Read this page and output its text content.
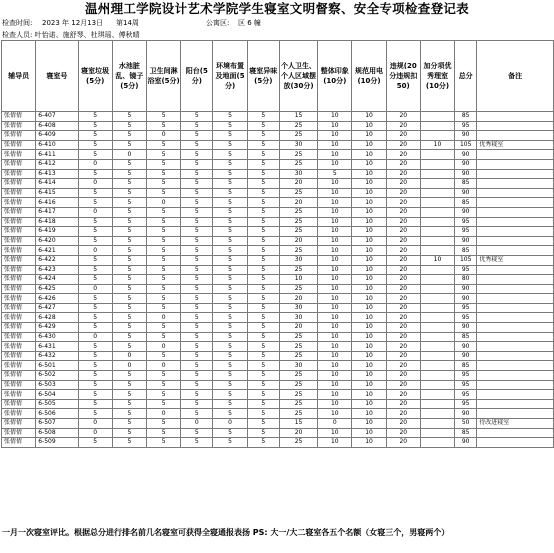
温州理工学院设计艺术学院学生寝室文明督察、安全专项检查登记表
检查时间: 2023 年 12月13日 第14周	公寓区: 区 6 幢
检查人员: 叶怡诺、施舒琴、杜琪瑶、傅秋晴
辅导员	寝室号	寝室垃圾(5分)	水池脏乱、镜子(5分)	卫生间淋浴室(5分)	阳台(5分)	环境布置及地面(5分)	寝室异味(5分)	个人卫生、个人区域摆放(30分)	整体印象(10分)	规范用电(10分)	违规(20分违规扣50)	加分项优秀理室(10分)	总分	备注
张倩倩	6-407	5	5	5	5	5	5	15	10	10	20		85	
张倩倩	6-408	5	5	5	5	5	5	25	10	10	20		95	
张倩倩	6-409	5	5	0	5	5	5	25	10	10	20		90	
张倩倩	6-410	5	5	5	5	5	5	30	10	10	20	10	105	优秀寝室
张倩倩	6-411	5	0	5	5	5	5	25	10	10	20		90	
张倩倩	6-412	0	5	5	5	5	5	25	10	10	20		90	
张倩倩	6-413	5	5	5	5	5	5	30	5	10	20		90	
张倩倩	6-414	0	5	5	5	5	5	20	10	10	20		85	
张倩倩	6-415	5	5	5	5	5	5	25	10	10	20		90	
张倩倩	6-416	5	5	0	5	5	5	20	10	10	20		85	
张倩倩	6-417	0	5	5	5	5	5	25	10	10	20		90	
张倩倩	6-418	5	5	5	5	5	5	25	10	10	20		95	
张倩倩	6-419	5	5	5	5	5	5	25	10	10	20		95	
张倩倩	6-420	5	5	5	5	5	5	20	10	10	20		90	
张倩倩	6-421	0	5	5	5	5	5	25	10	10	20		85	
张倩倩	6-422	5	5	5	5	5	5	30	10	10	20	10	105	优秀寝室
张倩倩	6-423	5	5	5	5	5	5	25	10	10	20		95	
张倩倩	6-424	5	5	5	5	5	5	10	10	10	20		80	
张倩倩	6-425	0	5	5	5	5	5	25	10	10	20		90	
张倩倩	6-426	5	5	5	5	5	5	20	10	10	20		90	
张倩倩	6-427	5	5	5	5	5	5	30	10	10	20		95	
张倩倩	6-428	5	5	0	5	5	5	30	10	10	20		95	
张倩倩	6-429	5	5	5	5	5	5	20	10	10	20		90	
张倩倩	6-430	0	5	5	5	5	5	25	10	10	20		85	
张倩倩	6-431	5	5	0	5	5	5	25	10	10	20		90	
张倩倩	6-432	5	0	5	5	5	5	25	10	10	20		90	
张倩倩	6-501	5	0	0	5	5	5	30	10	10	20		85	
张倩倩	6-502	5	5	5	5	5	5	25	10	10	20		95	
张倩倩	6-503	5	5	5	5	5	5	25	10	10	20		95	
张倩倩	6-504	5	5	5	5	5	5	25	10	10	20		95	
张倩倩	6-505	5	5	5	5	5	5	25	10	10	20		95	
张倩倩	6-506	5	5	0	5	5	5	25	10	10	20		90	
张倩倩	6-507	0	5	5	0	0	5	15	0	10	20		50	待改进寝室
张倩倩	6-508	0	5	5	5	5	5	20	10	10	20		85	
张倩倩	6-509	5	5	5	5	5	5	25	10	10	20		90	
一月一次寝室评比。根据总分进行排名前几名寝室可获得全寝通报表扬 PS: 大一/大二寝室各五个名额（女寝三个，男寝两个）
